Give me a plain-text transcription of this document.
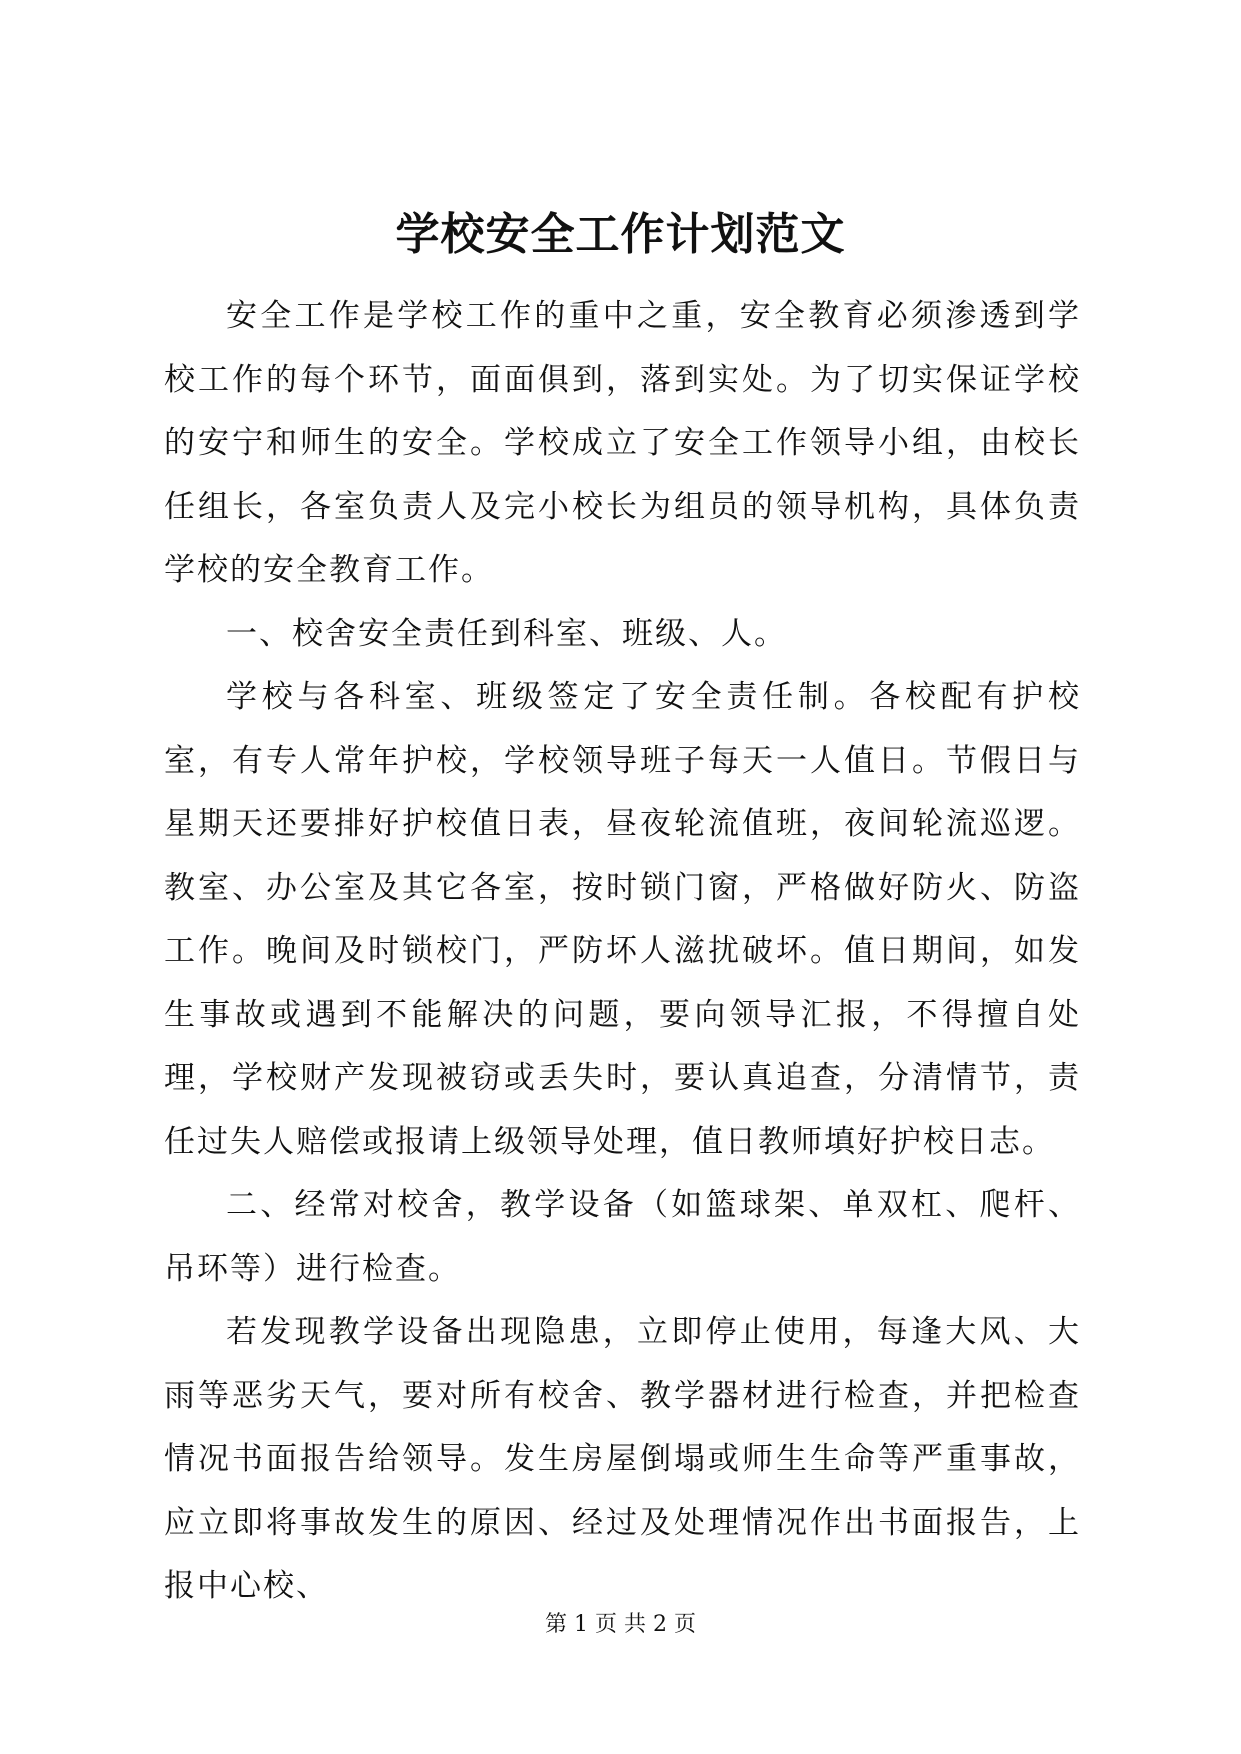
学校安全工作计划范文

安全工作是学校工作的重中之重，安全教育必须渗透到学校工作的每个环节，面面俱到，落到实处。为了切实保证学校的安宁和师生的安全。学校成立了安全工作领导小组，由校长任组长，各室负责人及完小校长为组员的领导机构，具体负责学校的安全教育工作。

一、校舍安全责任到科室、班级、人。

学校与各科室、班级签定了安全责任制。各校配有护校室，有专人常年护校，学校领导班子每天一人值日。节假日与星期天还要排好护校值日表，昼夜轮流值班，夜间轮流巡逻。教室、办公室及其它各室，按时锁门窗，严格做好防火、防盗工作。晚间及时锁校门，严防坏人滋扰破坏。值日期间，如发生事故或遇到不能解决的问题，要向领导汇报，不得擅自处理，学校财产发现被窃或丢失时，要认真追查，分清情节，责任过失人赔偿或报请上级领导处理，值日教师填好护校日志。

二、经常对校舍，教学设备（如篮球架、单双杠、爬杆、吊环等）进行检查。

若发现教学设备出现隐患，立即停止使用，每逢大风、大雨等恶劣天气，要对所有校舍、教学器材进行检查，并把检查情况书面报告给领导。发生房屋倒塌或师生生命等严重事故，应立即将事故发生的原因、经过及处理情况作出书面报告，上报中心校、

第 1 页 共 2 页
